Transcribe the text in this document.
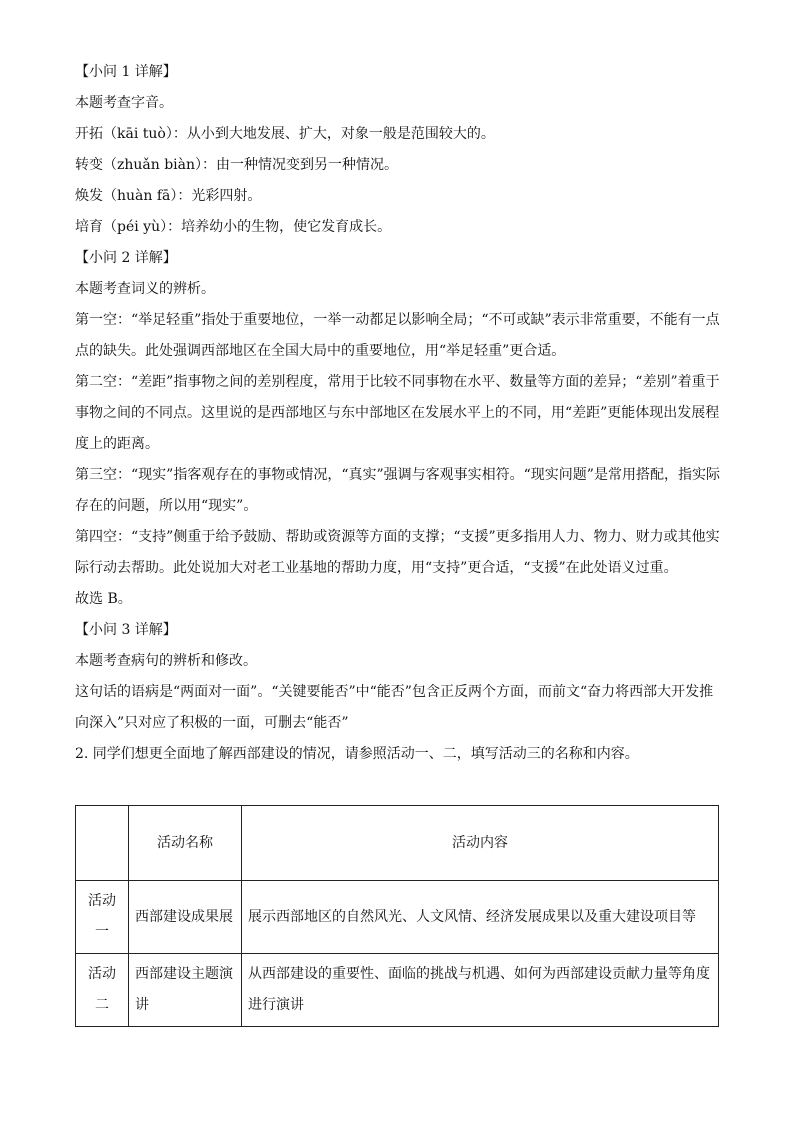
【小问 1 详解】

本题考查字音。

开拓（kāi tuò）：从小到大地发展、扩大，对象一般是范围较大的。

转变（zhuǎn biàn）：由一种情况变到另一种情况。

焕发（huàn fā）：光彩四射。

培育（péi yù）：培养幼小的生物，使它发育成长。

【小问 2 详解】

本题考查词义的辨析。

第一空：“举足轻重”指处于重要地位，一举一动都足以影响全局；“不可或缺”表示非常重要，不能有一点点的缺失。此处强调西部地区在全国大局中的重要地位，用“举足轻重”更合适。

第二空：“差距”指事物之间的差别程度，常用于比较不同事物在水平、数量等方面的差异；“差别”着重于事物之间的不同点。这里说的是西部地区与东中部地区在发展水平上的不同，用“差距”更能体现出发展程度上的距离。

第三空：“现实”指客观存在的事物或情况，“真实”强调与客观事实相符。“现实问题”是常用搭配，指实际存在的问题，所以用“现实”。

第四空：“支持”侧重于给予鼓励、帮助或资源等方面的支撑；“支援”更多指用人力、物力、财力或其他实际行动去帮助。此处说加大对老工业基地的帮助力度，用“支持”更合适，“支援”在此处语义过重。

故选 B。

【小问 3 详解】

本题考查病句的辨析和修改。

这句话的语病是“两面对一面”。“关键要能否”中“能否”包含正反两个方面，而前文“奋力将西部大开发推向深入”只对应了积极的一面，可删去“能否”

2. 同学们想更全面地了解西部建设的情况，请参照活动一、二，填写活动三的名称和内容。

	活动名称	活动内容
活动一	西部建设成果展	展示西部地区的自然风光、人文风情、经济发展成果以及重大建设项目等
活动二	西部建设主题演讲	从西部建设的重要性、面临的挑战与机遇、如何为西部建设贡献力量等角度进行演讲
